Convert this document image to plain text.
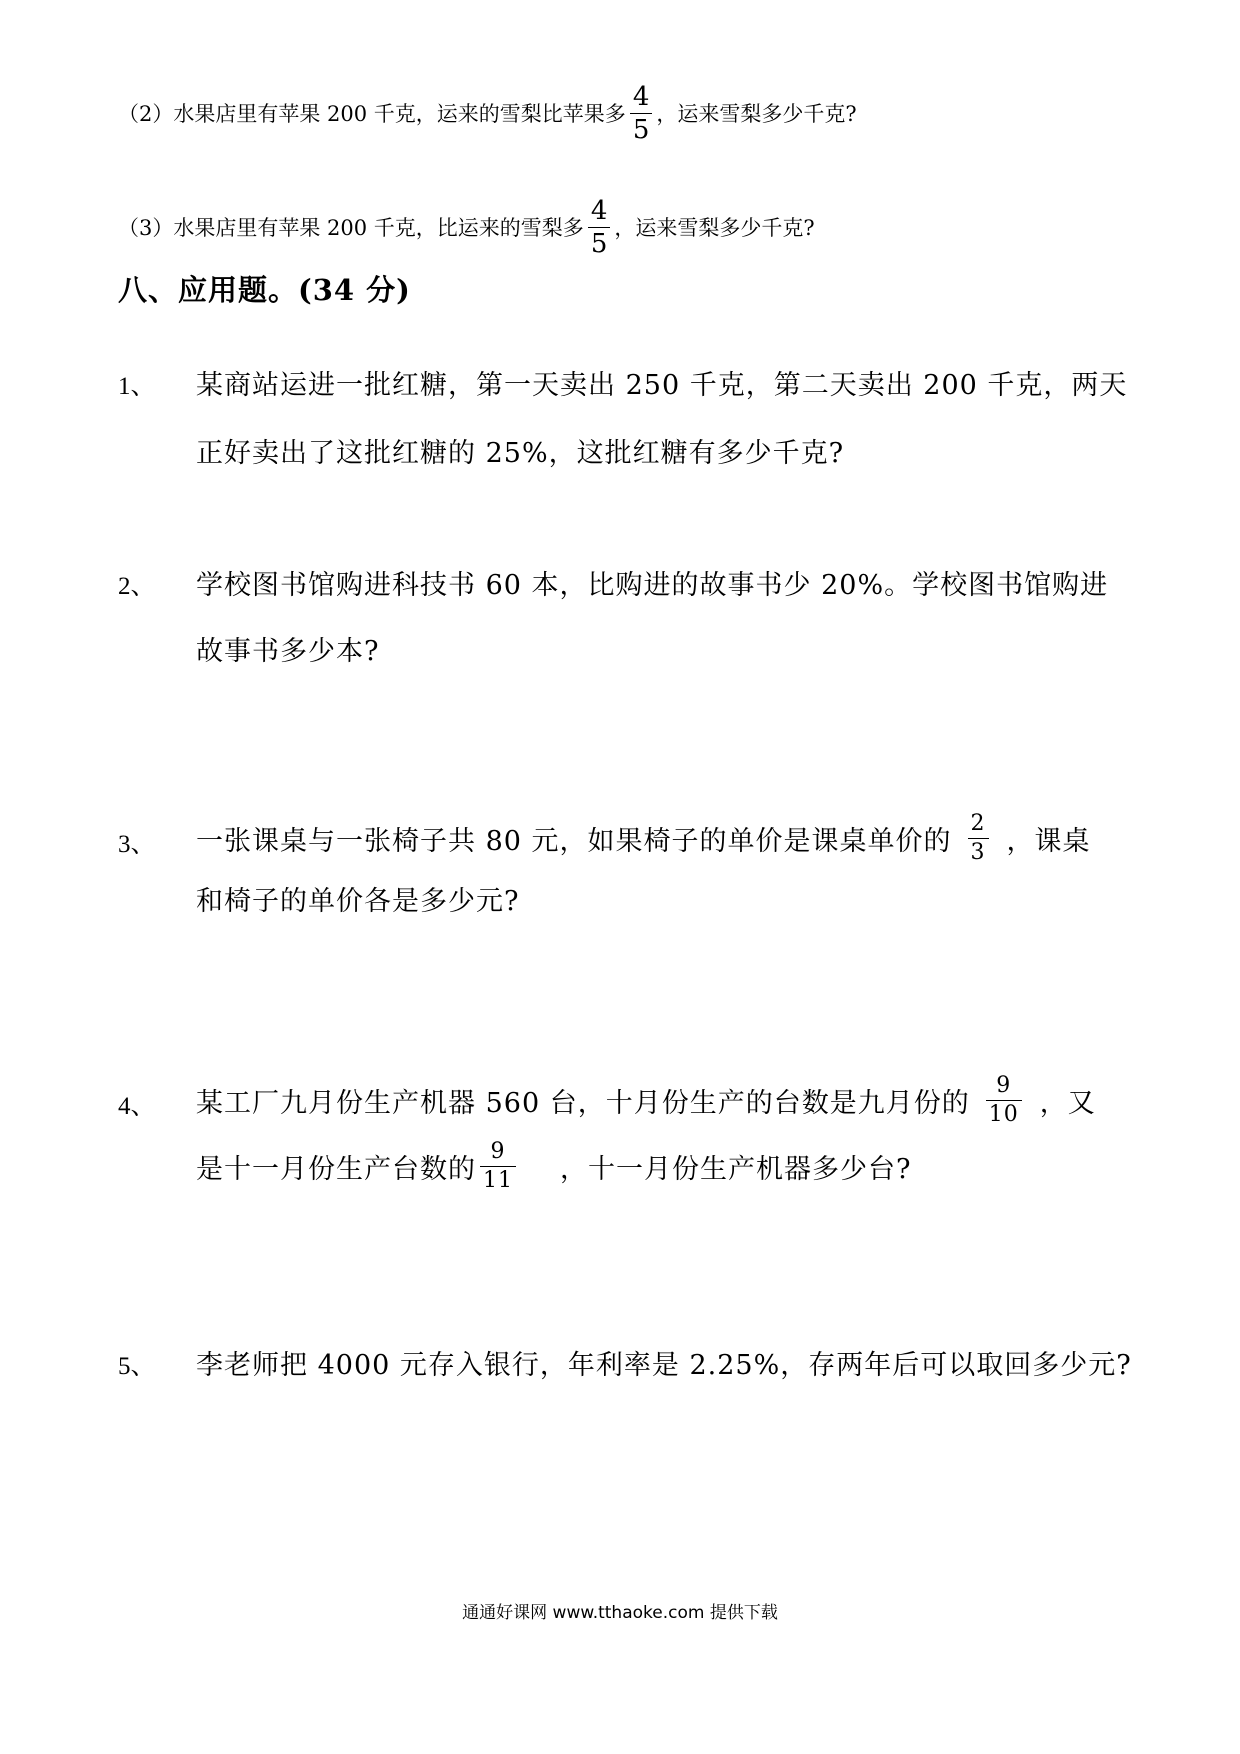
（2） 水果店里有苹果 200 千克，运来的雪梨比苹果多 $\frac{4}{5}$ ，运来雪梨多少千克?
（3） 水果店里有苹果 200 千克，比运来的雪梨多 $\frac{4}{5}$ ，运来雪梨多少千克?
八、应用题。(34 分)
1、 某商站运进一批红糖，第一天卖出 250 千克，第二天卖出 200 千克，两天
正好卖出了这批红糖的 25%，这批红糖有多少千克?
2、 学校图书馆购进科技书 60 本，比购进的故事书少 20%。学校图书馆购进
故事书多少本?
3、 一张课桌与一张椅子共 80 元，如果椅子的单价是课桌单价的 $\frac{2}{3}$ ，课桌
和椅子的单价各是多少元?
4、 某工厂九月份生产机器 560 台，十月份生产的台数是九月份的 $\frac{9}{10}$ ，又
是十一月份生产台数的 $\frac{9}{11}$ ，十一月份生产机器多少台?
5、 李老师把 4000 元存入银行，年利率是 2.25%，存两年后可以取回多少元?
通通好课网 www.tthaoke.com 提供下载
